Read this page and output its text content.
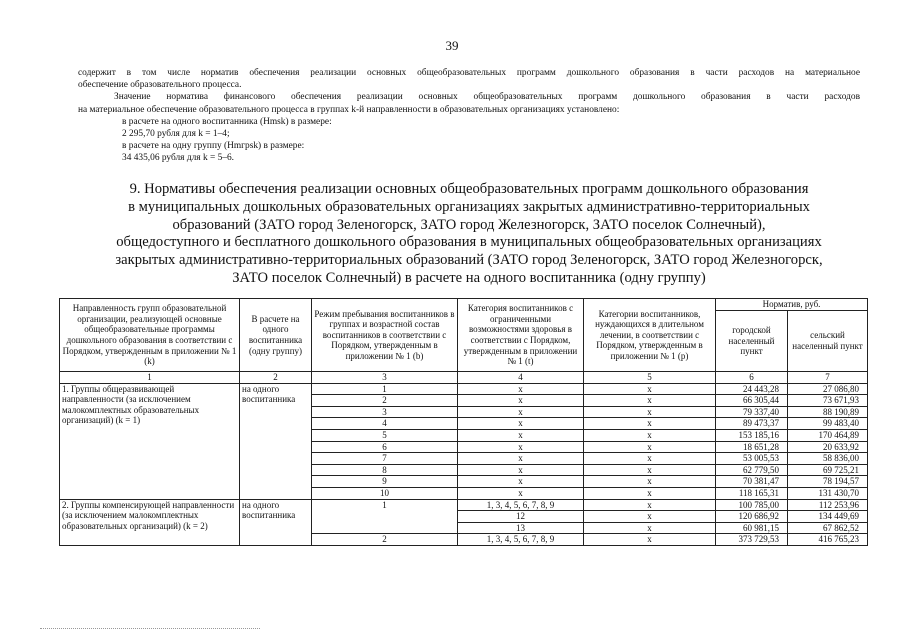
39

содержит в том числе норматив обеспечения реализации основных общеобразовательных программ дошкольного образования в части расходов на материальное

обеспечение образовательного процесса.

Значение норматива финансового обеспечения реализации основных общеобразовательных программ дошкольного образования в части расходов

на материальное обеспечение образовательного процесса в группах k-й направленности в образовательных организациях установлено:

в расчете на одного воспитанника (Нmsk) в размере:

2 295,70 рубля для k = 1–4;

в расчете на одну группу (Нmгpsk) в размере:

34 435,06 рубля для k = 5–6.

9. Нормативы обеспечения реализации основных общеобразовательных программ дошкольного образования
в муниципальных дошкольных образовательных организациях закрытых административно-территориальных
образований (ЗАТО город Зеленогорск, ЗАТО город Железногорск, ЗАТО поселок Солнечный),
общедоступного и бесплатного дошкольного образования в муниципальных общеобразовательных организациях
закрытых административно-территориальных образований (ЗАТО город Зеленогорск, ЗАТО город Железногорск,
ЗАТО поселок Солнечный) в расчете на одного воспитанника (одну группу)
Направленность групп образовательной организации, реализующей основные общеобразовательные программы дошкольного образования в соответствии с Порядком, утвержденным в приложении № 1 (k)	В расчете на одного воспитанника (одну группу)	Режим пребывания воспитанников в группах и возрастной состав воспитанников в соответствии с Порядком, утвержденным в приложении № 1 (b)	Категория воспитанников с ограниченными возможностями здоровья в соответствии с Порядком, утвержденным в приложении № 1 (t)	Категории воспитанников, нуждающихся в длительном лечении, в соответствии с Порядком, утвержденным в приложении № 1 (p)	Норматив, руб.	
					городской населенный пункт	сельский населенный пункт
1	2	3	4	5	6	7
1. Группы общеразвивающей направленности (за исключением малокомплектных образовательных организаций) (k = 1)	на одного воспитанника	1	x	x	24 443,28	27 086,80
		2	x	x	66 305,44	73 671,93
		3	x	x	79 337,40	88 190,89
		4	x	x	89 473,37	99 483,40
		5	x	x	153 185,16	170 464,89
		6	x	x	18 651,28	20 633,92
		7	x	x	53 005,53	58 836,00
		8	x	x	62 779,50	69 725,21
		9	x	x	70 381,47	78 194,57
		10	x	x	118 165,31	131 430,70
2. Группы компенсирующей направленности (за исключением малокомплектных образовательных организаций) (k = 2)	на одного воспитанника	1	1, 3, 4, 5, 6, 7, 8, 9	x	100 785,00	112 253,96
			12	x	120 686,92	134 449,69
			13	x	60 981,15	67 862,52
		2	1, 3, 4, 5, 6, 7, 8, 9	x	373 729,53	416 765,23
